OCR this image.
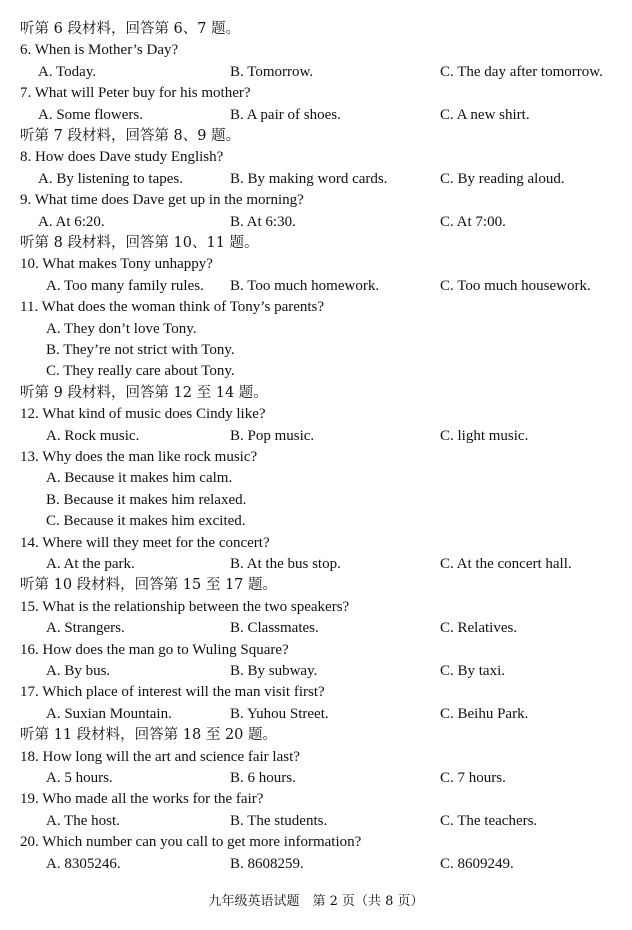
听第 6 段材料，回答第 6、7 题。
6. When is Mother’s Day?
A. Today.	B. Tomorrow.	C. The day after tomorrow.
7. What will Peter buy for his mother?
A. Some flowers.	B. A pair of shoes.	C. A new shirt.
听第 7 段材料，回答第 8、9 题。
8. How does Dave study English?
A. By listening to tapes.	B. By making word cards.	C. By reading aloud.
9. What time does Dave get up in the morning?
A. At 6:20.	B. At 6:30.	C. At 7:00.
听第 8 段材料，回答第 10、11 题。
10. What makes Tony unhappy?
A. Too many family rules. B. Too much homework.	C. Too much housework.
11. What does the woman think of Tony’s parents?
A. They don’t love Tony.
B. They’re not strict with Tony.
C. They really care about Tony.
听第 9 段材料，回答第 12 至 14 题。
12. What kind of music does Cindy like?
A. Rock music.	B. Pop music.	C. light music.
13. Why does the man like rock music?
A. Because it makes him calm.
B. Because it makes him relaxed.
C. Because it makes him excited.
14. Where will they meet for the concert?
A. At the park.	B. At the bus stop.	C. At the concert hall.
听第 10 段材料，回答第 15 至 17 题。
15. What is the relationship between the two speakers?
A. Strangers.	B. Classmates.	C. Relatives.
16. How does the man go to Wuling Square?
A. By bus.	B. By subway.	C. By taxi.
17. Which place of interest will the man visit first?
A. Suxian Mountain.	B. Yuhou Street.	C. Beihu Park.
听第 11 段材料，回答第 18 至 20 题。
18. How long will the art and science fair last?
A. 5 hours.	B. 6 hours.	C. 7 hours.
19. Who made all the works for the fair?
A. The host.	B. The students.	C. The teachers.
20. Which number can you call to get more information?
A. 8305246.	B. 8608259.	C. 8609249.
九年级英语试题　第 2 页（共 8 页）
